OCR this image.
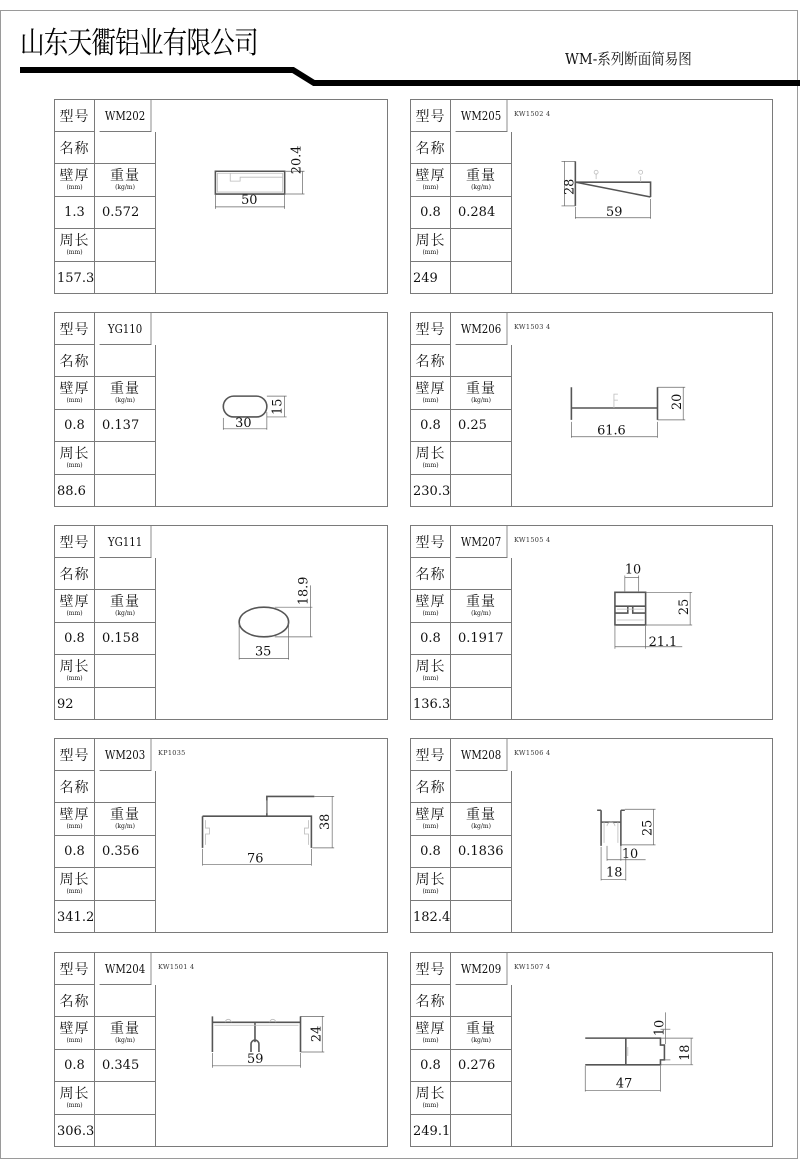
山东天衢铝业有限公司	WM-系列断面简易图
型号	WM202
名称
壁厚
(mm)
重量
(kg/m)
1.3	0.572
周长
(mm)
157.3
50
20.4
型号	WM205
名称
壁厚
(mm)
重量
(kg/m)
0.8	0.284
周长
(mm)
249
KW1502 4
28
59
型号	YG110
名称
壁厚
(mm)
重量
(kg/m)
0.8	0.137
周长
(mm)
88.6
30
15
型号	WM206
名称
壁厚
(mm)
重量
(kg/m)
0.8	0.25
周长
(mm)
230.3
KW1503 4
20
61.6
型号	YG111
名称
壁厚
(mm)
重量
(kg/m)
0.8	0.158
周长
(mm)
92
35
18.9
型号	WM207
名称
壁厚
(mm)
重量
(kg/m)
0.8	0.1917
周长
(mm)
136.3
KW1505 4
10
25
21.1
型号	WM203
名称
壁厚
(mm)
重量
(kg/m)
0.8	0.356
周长
(mm)
341.2
KP1035
38
76
型号	WM208
名称
壁厚
(mm)
重量
(kg/m)
0.8	0.1836
周长
(mm)
182.4
KW1506 4
25
10
18
型号	WM204
名称
壁厚
(mm)
重量
(kg/m)
0.8	0.345
周长
(mm)
306.3
KW1501 4
24
59
型号	WM209
名称
壁厚
(mm)
重量
(kg/m)
0.8	0.276
周长
(mm)
249.1
KW1507 4
10
18
47
